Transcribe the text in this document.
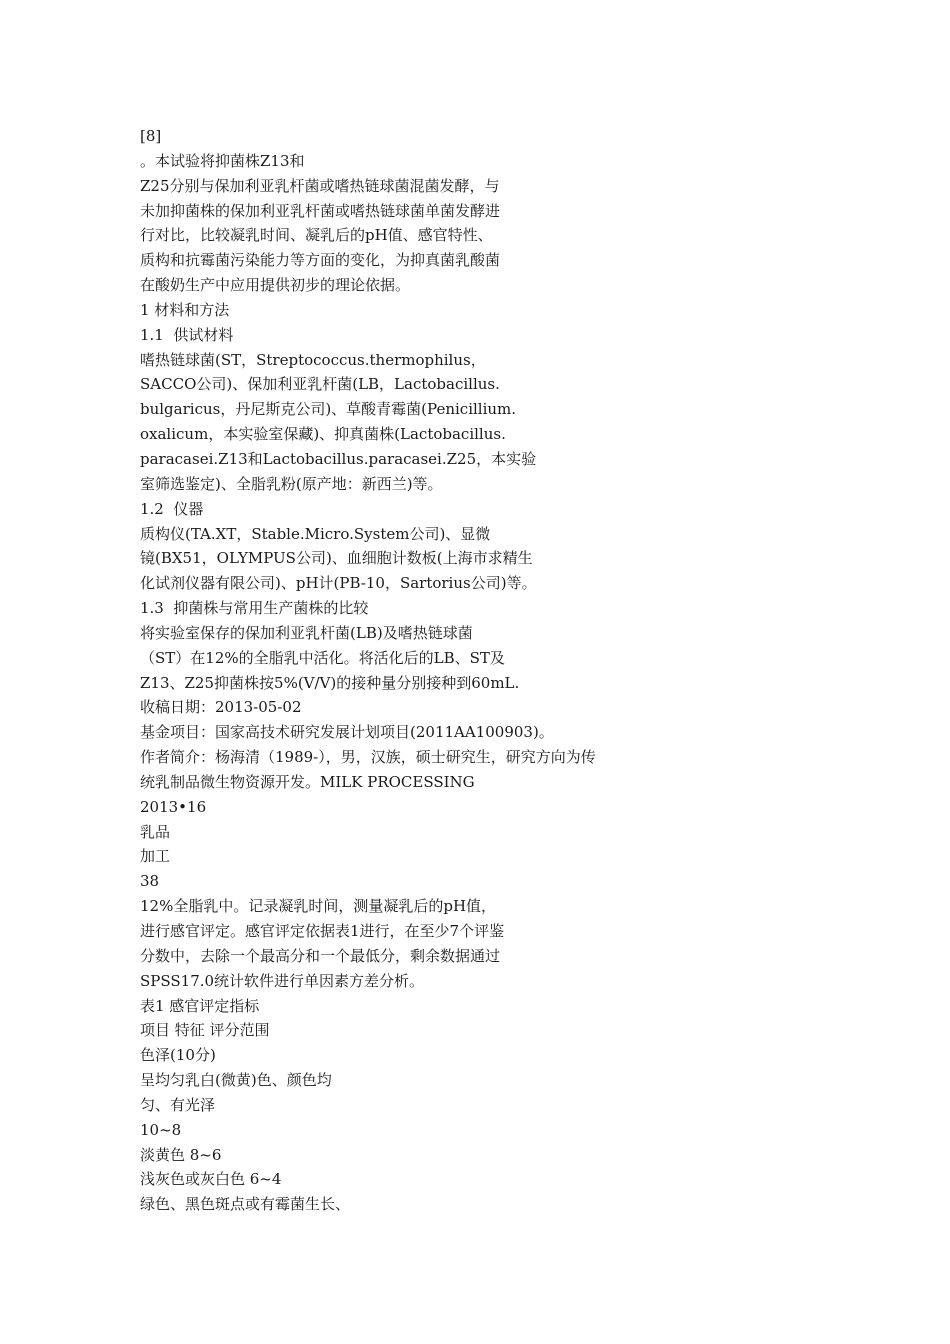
[8]
。本试验将抑菌株Z13和
Z25分别与保加利亚乳杆菌或嗜热链球菌混菌发酵，与
未加抑菌株的保加利亚乳杆菌或嗜热链球菌单菌发酵进
行对比，比较凝乳时间、凝乳后的pH值、感官特性、
质构和抗霉菌污染能力等方面的变化，为抑真菌乳酸菌
在酸奶生产中应用提供初步的理论依据。
1 材料和方法
1.1  供试材料
嗜热链球菌(ST，Streptococcus.thermophilus，
SACCO公司)、保加利亚乳杆菌(LB，Lactobacillus.
bulgaricus，丹尼斯克公司)、草酸青霉菌(Penicillium.
oxalicum，本实验室保藏)、抑真菌株(Lactobacillus.
paracasei.Z13和Lactobacillus.paracasei.Z25，本实验
室筛选鉴定)、全脂乳粉(原产地：新西兰)等。
1.2  仪器
质构仪(TA.XT，Stable.Micro.System公司)、显微
镜(BX51，OLYMPUS公司)、血细胞计数板(上海市求精生
化试剂仪器有限公司)、pH计(PB-10，Sartorius公司)等。
1.3  抑菌株与常用生产菌株的比较
将实验室保存的保加利亚乳杆菌(LB)及嗜热链球菌
（ST）在12%的全脂乳中活化。将活化后的LB、ST及
Z13、Z25抑菌株按5%(V/V)的接种量分别接种到60mL.
收稿日期：2013-05-02
基金项目：国家高技术研究发展计划项目(2011AA100903)。
作者简介：杨海清（1989-），男，汉族，硕士研究生，研究方向为传
统乳制品微生物资源开发。MILK PROCESSING
2013•16
乳品
加工
38
12%全脂乳中。记录凝乳时间，测量凝乳后的pH值，
进行感官评定。感官评定依据表1进行，在至少7个评鉴
分数中，去除一个最高分和一个最低分，剩余数据通过
SPSS17.0统计软件进行单因素方差分析。
表1 感官评定指标
项目 特征 评分范围
色泽(10分)
呈均匀乳白(微黄)色、颜色均
匀、有光泽
10~8
淡黄色 8~6
浅灰色或灰白色 6~4
绿色、黑色斑点或有霉菌生长、
